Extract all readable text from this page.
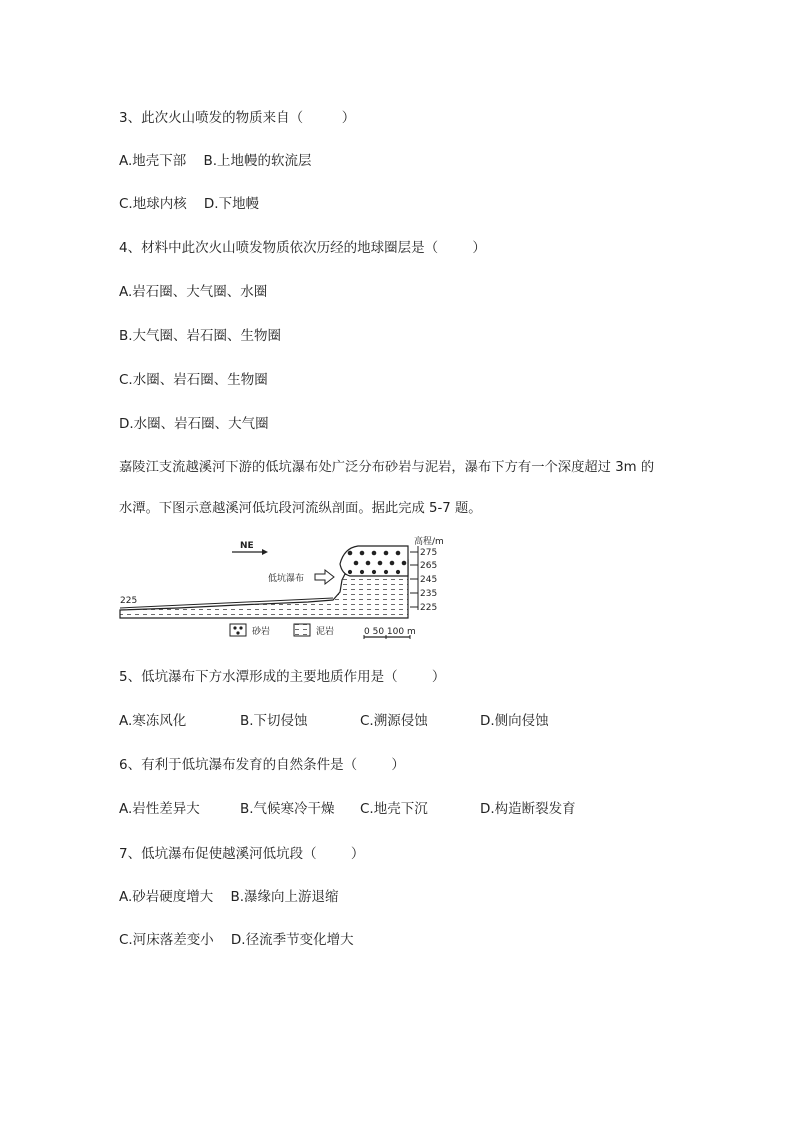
3、此次火山喷发的物质来自（         ）
A.地壳下部    B.上地幔的软流层
C.地球内核    D.下地幔
4、材料中此次火山喷发物质依次历经的地球圈层是（        ）
A.岩石圈、大气圈、水圈
B.大气圈、岩石圈、生物圈
C.水圈、岩石圈、生物圈
D.水圈、岩石圈、大气圈
嘉陵江支流越溪河下游的低坑瀑布处广泛分布砂岩与泥岩，瀑布下方有一个深度超过 3m 的
水潭。下图示意越溪河低坑段河流纵剖面。据此完成 5-7 题。
高程/m
275
265
245
235
225
225
NE
低坑瀑布
砂岩	泥岩	0 50 100 m
5、低坑瀑布下方水潭形成的主要地质作用是（        ）
A.寒冻风化	B.下切侵蚀	C.溯源侵蚀	D.侧向侵蚀
6、有利于低坑瀑布发育的自然条件是（        ）
A.岩性差异大	B.气候寒冷干燥 C.地壳下沉	D.构造断裂发育
7、低坑瀑布促使越溪河低坑段（        ）
A.砂岩硬度增大    B.瀑缘向上游退缩
C.河床落差变小    D.径流季节变化增大
